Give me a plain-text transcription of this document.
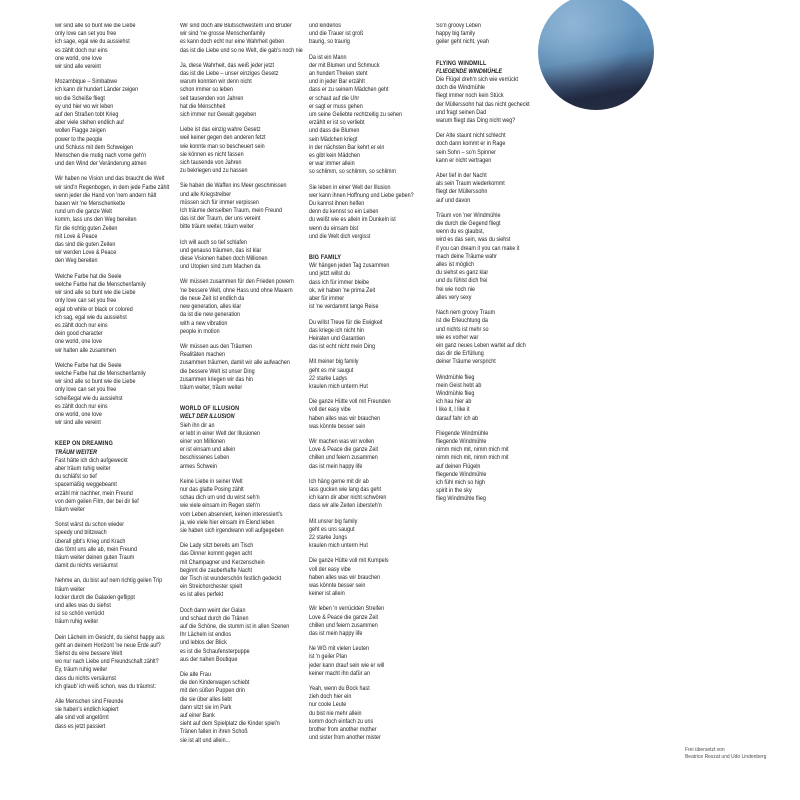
wir sind alle so bunt wie die Liebe
only love can set you free
ich sage, egal wie du aussiehst
es zählt doch nur eins
one world, one love
wir sind alle vereint
Mozambique – Simbabwe
ich kann dir hundert Länder zeigen
wo die Scheiße fliegt
ey und hier wo wir leben
auf den Straßen tobt Krieg
aber viele stehen endlich auf
wollen Flagge zeigen
power to the people
und Schluss mit dem Schweigen
Menschen die mutig nach vorne geh'n
und den Wind der Veränderung atmen
Wir haben ne Vision und das braucht die Welt
wir sind'n Regenbogen, in dem jede Farbe zählt
wenn jeder die Hand von 'nem andern hält
bauen wir 'ne Menschenkette
rund um die ganze Welt
komm, lass uns den Weg bereiten
für die richtig guten Zeiten
mit Love & Peace
das sind die guten Zeiten
wir werden Love & Peace
den Weg bereiten
Welche Farbe hat die Seele
welche Farbe hat die Menschenfamily
wir sind alle so bunt wie die Liebe
only love can set you free
egal ob white or black or colored
ich sag, egal wie du aussiehst
es zählt doch nur eins
dein good character
one world, one love
wir halten alle zusammen
Welche Farbe hat die Seele
welche Farbe hat die Menschenfamily
wir sind alle so bunt wie die Liebe
only love can set you free
scheißegal wie du aussiehst
es zählt doch nur eins
one world, one love
wir sind alle vereint
KEEP ON DREAMING
TRÄUM WEITER
Fast hätte ich dich aufgeweckt
aber träum ruhig weiter
du schläfst so tief
spacemäßig weggebeamt
erzähl mir nachher, mein Freund
von dem geilen Film, der bei dir lief
träum weiter
Sonst wärst du schon wieder
speedy und blitzwach
überall gibt's Krieg und Krach
das törnt uns alle ab, mein Freund
träum weiter deinen guten Traum
damit du nichts versäumst
Nehme an, du bist auf nem richtig geilen Trip
träum weiter
locker durch die Galaxien geflippt
und alles was du siehst
ist so schön verrückt
träum ruhig weiter
Dein Lächeln im Gesicht, du siehst happy aus
geht an deinem Horizont 'ne neue Erde auf?
Siehst du eine bessere Welt
wo nur nach Liebe und Freundschaft zählt?
Ey, träum ruhig weiter
dass du nichts versäumst
ich glaub' ich weiß schon, was du träumst:
Alle Menschen sind Freunde
sie haben's endlich kapiert
alle sind voll angetörnt
dass es jetzt passiert
Wir sind doch alle Blutsschwestern und Brüder
wir sind 'ne grosse Menschenfamily
es kann doch echt nur eine Wahrheit geben
das ist die Liebe und so ne Welt, die gab's noch nie
Ja, diese Wahrheit, das weiß jeder jetzt
das ist die Liebe – unser einziges Gesetz
warum konnten wir denn nicht
schon immer so leben
seit tausenden von Jahren
hat die Menschheit
sich immer nur Gewalt gegeben
Liebe ist das einzig wahre Gesetz
weil keiner gegen den anderen fetzt
wie konnte man so bescheuert sein
sie können es nicht fassen
sich tausende von Jahren
zu bekriegen und zu hassen
Sie haben die Waffen ins Meer geschmissen
und alle Kriegstreiber
müssen sich für immer verpissen
Ich träume denselben Traum, mein Freund
das ist der Traum, der uns vereint
bitte träum weiter, träum weiter
Ich will auch so tief schlafen
und genauso träumen, das ist klar
diese Visionen haben doch Millionen
und Utopien sind zum Machen da
Wir müssen zusammen für den Frieden powern
'ne bessere Welt, ohne Hass und ohne Mauern
die neue Zeit ist endlich da
new generation, alles klar
da ist die new generation
with a new vibration
people in motion
Wir müssen aus den Träumen
Realitäten machen
zusammen träumen, damit wir alle aufwachen
die bessere Welt ist unser Ding
zusammen kriegen wir das hin
träum weiter, träum weiter
WORLD OF ILLUSION
WELT DER ILLUSION
Sieh ihn dir an
er lebt in einer Welt der Illusionen
einer von Millionen
er ist einsam und allein
beschissenes Leben
armes Schwein
Keine Liebe in seiner Welt
nur das glatte Posing zählt
schau dich um und du wirst seh'n
wie viele einsam im Regen steh'n
vom Leben abserviert, keinen interessiert's
ja, wie viele hier einsam im Elend leben
sie haben sich irgendwann voll aufgegeben
Die Lady sitzt bereits am Tisch
das Dinner kommt gegen acht
mit Champagner und Kerzenschein
beginnt die zauberhafte Nacht
der Tisch ist wunderschön festlich gedeckt
ein Streichorchester spielt
es ist alles perfekt
Doch dann weint der Galan
und schaut durch die Tränen
auf die Schöne, die stumm ist in allen Szenen
Ihr Lächeln ist endlos
und leblos der Blick
es ist die Schaufensterpuppe
aus der nahen Boutique
Die alte Frau
die den Kinderwagen schiebt
mit den süßen Puppen drin
die sie über alles liebt
dann sitzt sie im Park
auf einer Bank
sieht auf dem Spielplatz die Kinder spiel'n
Tränen fallen in ihren Schoß
sie ist alt und allein...
und kinderlos
und die Trauer ist groß
traurig, so traurig
Da ist ein Mann
der mit Blumen und Schmuck
an hundert Theken steht
und in jeder Bar erzählt
dass er zu seinem Mädchen geht
er schaut auf die Uhr
er sagt er muss gehen
um seine Geliebte rechtzeitig zu sehen
erzählt er ist so verliebt
und dass die Blumen
sein Mädchen kriegt
in der nächsten Bar kehrt er ein
es gibt kein Mädchen
er war immer allein
so schlimm, so schlimm, so schlimm
Sie leben in einer Welt der Illusion
wer kann ihnen Hoffnung und Liebe geben?
Du kannst ihnen helfen
denn du kennst so ein Leben
du weißt wie es allein im Dunkeln ist
wenn du einsam bist
und die Welt dich vergisst
BIG FAMILY
Wir hängen jeden Tag zusammen
und jetzt willst du
dass ich für immer bleibe
ok, wir haben 'ne prima Zeit
aber für immer
ist 'ne verdammt lange Reise
Du willst Treue für die Ewigkeit
das kriege ich nicht hin
Heiraten und Garantien
das ist echt nicht mein Ding
Mit meiner big family
geht es mir saugut
22 starke Ladys
kraulen mich unterm Hut
Die ganze Hütte voll mit Freunden
voll der easy vibe
haben alles was wir brauchen
was könnte besser sein
Wir machen was wir wollen
Love & Peace die ganze Zeit
chillen und feiern zusammen
das ist mein happy life
Ich häng gerne mit dir ab
lass gucken wie lang das geht
ich kann dir aber nicht schwören
dass wir alle Zeiten übersteh'n
Mit unsrer big family
geht es uns saugut
22 starke Jungs
kraulen mich unterm Hut
Die ganze Hütte voll mit Kumpels
voll der easy vibe
haben alles was wir brauchen
was könnte besser sein
keiner ist allein
Wir leben 'n verrückten Streifen
Love & Peace die ganze Zeit
chillen und feiern zusammen
das ist mein happy life
Ne WG mit vielen Leuten
ist 'n geiler Plan
jeder kann drauf sein wie er will
keiner macht ihn dafür an
Yeah, wenn du Bock hast
zieh doch hier ein
nur coole Leute
du bist nie mehr allein
komm doch einfach zu uns
brother from another mother
und sister from another mister
So'n groovy Leben
happy big family
geiler geht nicht, yeah
FLYING WINDMILL
FLIEGENDE WINDMÜHLE
Die Flügel dreh'n sich wie verrückt
doch die Windmühle
fliegt immer noch kein Stück
der Müllerssohn hat das nicht gecheckt
und fragt seinen Dad
warum fliegt das Ding nicht weg?
Der Alte staunt nicht schlecht
doch dann kommt er in Rage
sein Sohn – so'n Spinner
kann er nicht vertragen
Aber tief in der Nacht
als sein Traum wiederkommt
fliegt der Müllerssohn
auf und davon
Träum von 'ner Windmühle
die durch die Gegend fliegt
wenn du es glaubst,
wird es das sein, was du siehst
if you can dream it you can make it
mach deine Träume wahr
alles ist möglich
du siehst es ganz klar
und du fühlst dich frei
frei wie noch nie
alles very sexy
Nach nem groovy Traum
ist die Erleuchtung da
und nichts ist mehr so
wie es vorher war
ein ganz neues Leben wartet auf dich
das dir die Erfüllung
deiner Träume verspricht
Windmühle flieg
mein Geist hebt ab
Windmühle flieg
ich hau hier ab
I like it, I like it
darauf fahr ich ab
Fliegende Windmühle
fliegende Windmühle
nimm mich mit, nimm mich mit
nimm mich mit, nimm mich mit
auf deinen Flügeln
fliegende Windmühle
ich fühl mich so high
spirit in the sky
flieg Windmühle flieg
Frei übersetzt von
Beatrice Reszat und Udo Lindenberg
